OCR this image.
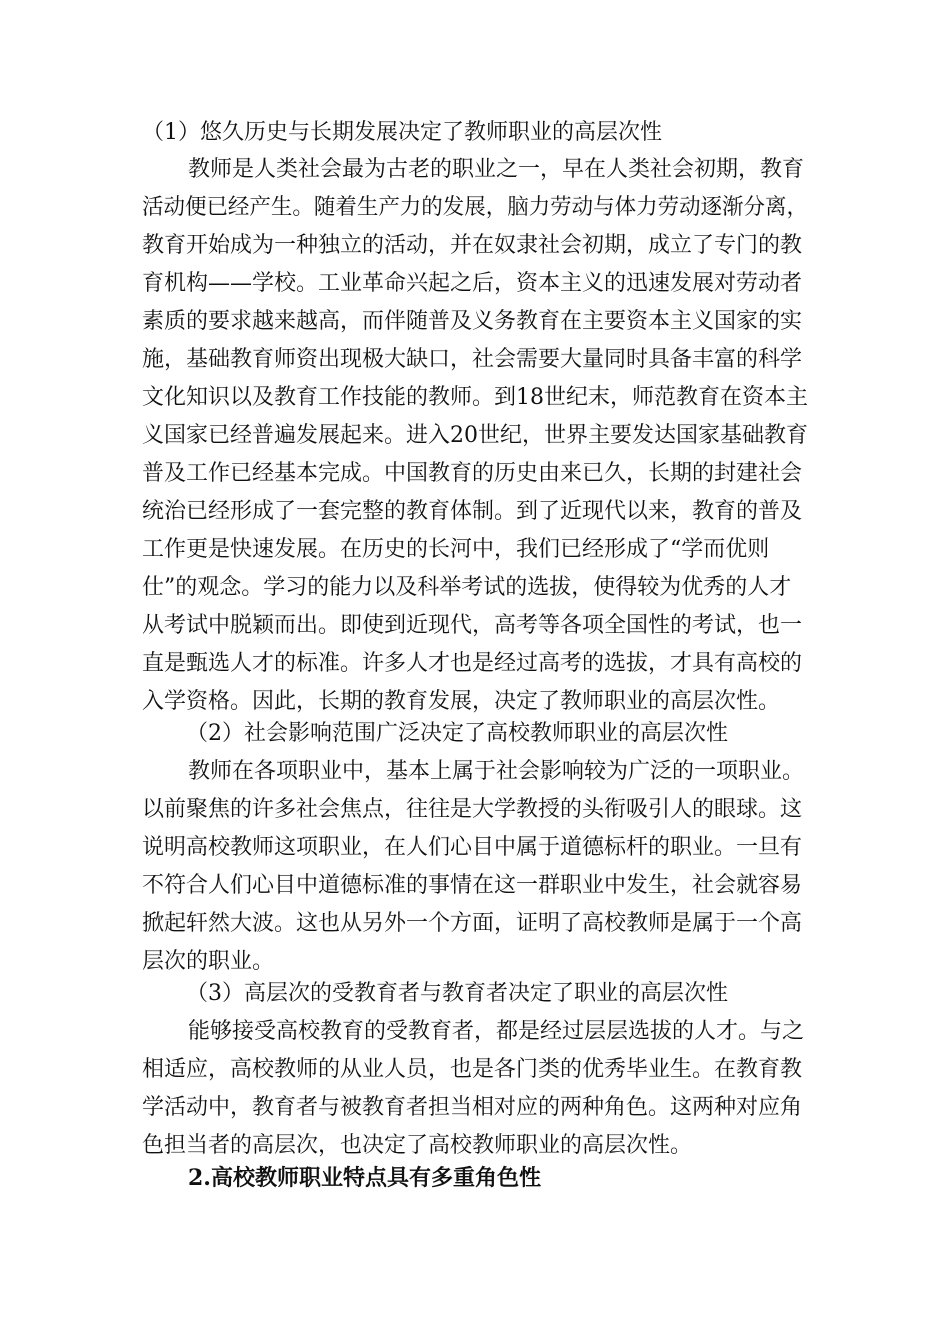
（1）悠久历史与长期发展决定了教师职业的高层次性

教师是人类社会最为古老的职业之一，早在人类社会初期，教育

活动便已经产生。随着生产力的发展，脑力劳动与体力劳动逐渐分离，

教育开始成为一种独立的活动，并在奴隶社会初期，成立了专门的教

育机构——学校。工业革命兴起之后，资本主义的迅速发展对劳动者

素质的要求越来越高，而伴随普及义务教育在主要资本主义国家的实

施，基础教育师资出现极大缺口，社会需要大量同时具备丰富的科学

文化知识以及教育工作技能的教师。到18世纪末，师范教育在资本主

义国家已经普遍发展起来。进入20世纪，世界主要发达国家基础教育

普及工作已经基本完成。中国教育的历史由来已久，长期的封建社会

统治已经形成了一套完整的教育体制。到了近现代以来，教育的普及

工作更是快速发展。在历史的长河中，我们已经形成了“学而优则

仕”的观念。学习的能力以及科举考试的选拔，使得较为优秀的人才

从考试中脱颖而出。即使到近现代，高考等各项全国性的考试，也一

直是甄选人才的标准。许多人才也是经过高考的选拔，才具有高校的

入学资格。因此，长期的教育发展，决定了教师职业的高层次性。

（2）社会影响范围广泛决定了高校教师职业的高层次性

教师在各项职业中，基本上属于社会影响较为广泛的一项职业。

以前聚焦的许多社会焦点，往往是大学教授的头衔吸引人的眼球。这

说明高校教师这项职业，在人们心目中属于道德标杆的职业。一旦有

不符合人们心目中道德标准的事情在这一群职业中发生，社会就容易

掀起轩然大波。这也从另外一个方面，证明了高校教师是属于一个高

层次的职业。

（3）高层次的受教育者与教育者决定了职业的高层次性

能够接受高校教育的受教育者，都是经过层层选拔的人才。与之

相适应，高校教师的从业人员，也是各门类的优秀毕业生。在教育教

学活动中，教育者与被教育者担当相对应的两种角色。这两种对应角

色担当者的高层次，也决定了高校教师职业的高层次性。

2.高校教师职业特点具有多重角色性
